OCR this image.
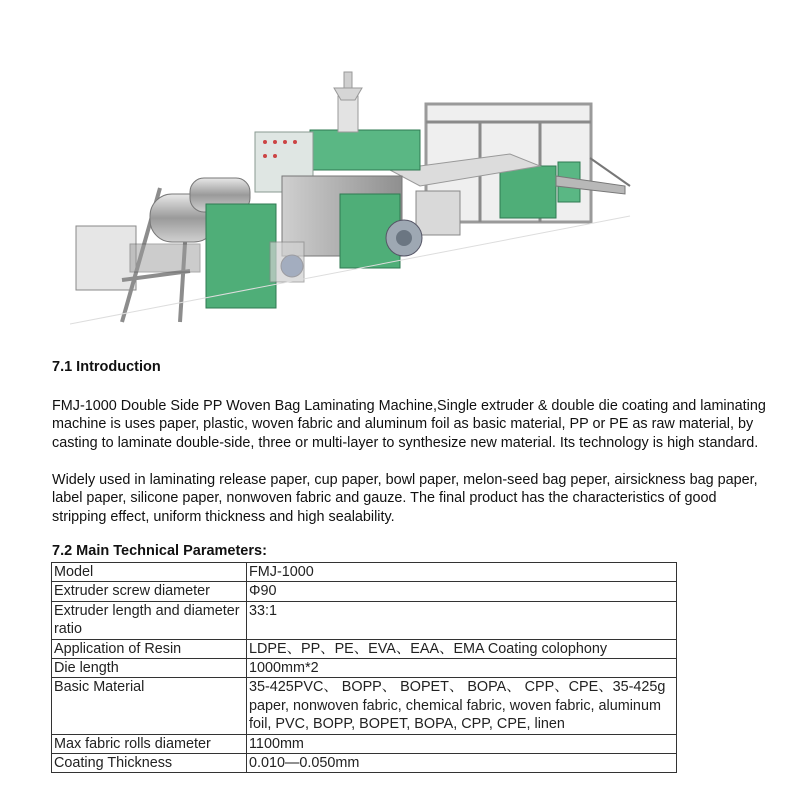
7.1 Introduction

FMJ-1000 Double Side PP Woven Bag Laminating Machine,Single extruder & double die coating and laminating machine is uses paper, plastic, woven fabric and aluminum foil as basic material, PP or PE as raw material, by casting to laminate double-side, three or multi-layer to synthesize new material. Its technology is high standard.

Widely used in laminating release paper, cup paper, bowl paper, melon-seed bag peper, airsickness bag paper, label paper, silicone paper, nonwoven fabric and gauze. The final product has the characteristics of good stripping effect, uniform thickness and high sealability.

7.2 Main Technical Parameters:
Model	FMJ-1000
Extruder screw diameter	Φ90
Extruder length and diameter ratio	33:1
Application of Resin	LDPE、PP、PE、EVA、EAA、EMA Coating colophony
Die length	1000mm*2
Basic Material	35-425PVC、 BOPP、 BOPET、 BOPA、 CPP、CPE、35-425g paper, nonwoven fabric, chemical fabric, woven fabric, aluminum foil, PVC, BOPP, BOPET, BOPA, CPP, CPE, linen
Max fabric rolls diameter	1100mm
Coating Thickness	0.010—0.050mm
